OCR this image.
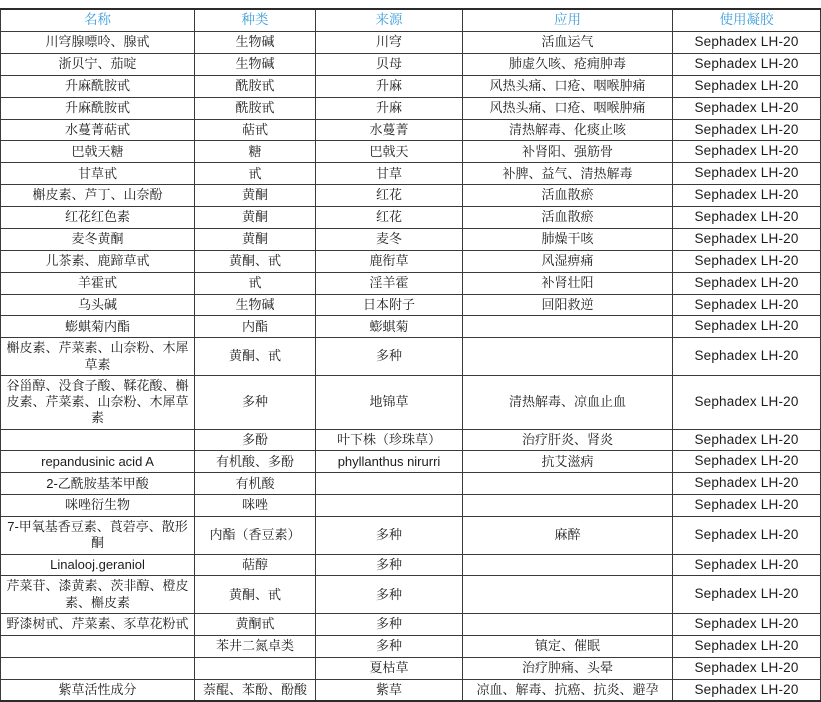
名称	种类	来源	应用	使用凝胶
川穹腺嘌呤、腺甙	生物碱	川穹	活血运气	Sephadex LH-20
浙贝宁、茄啶	生物碱	贝母	肺虚久咳、疮痈肿毒	Sephadex LH-20
升麻酰胺甙	酰胺甙	升麻	风热头痛、口疮、咽喉肿痛	Sephadex LH-20
升麻酰胺甙	酰胺甙	升麻	风热头痛、口疮、咽喉肿痛	Sephadex LH-20
水蔓菁萜甙	萜甙	水蔓菁	清热解毒、化痰止咳	Sephadex LH-20
巴戟天糖	糖	巴戟天	补肾阳、强筋骨	Sephadex LH-20
甘草甙	甙	甘草	补脾、益气、清热解毒	Sephadex LH-20
槲皮素、芦丁、山奈酚	黄酮	红花	活血散瘀	Sephadex LH-20
红花红色素	黄酮	红花	活血散瘀	Sephadex LH-20
麦冬黄酮	黄酮	麦冬	肺燥干咳	Sephadex LH-20
儿茶素、鹿蹄草甙	黄酮、甙	鹿衔草	风湿痹痛	Sephadex LH-20
羊霍甙	甙	淫羊霍	补肾壮阳	Sephadex LH-20
乌头碱	生物碱	日本附子	回阳救逆	Sephadex LH-20
蟛蜞菊内酯	内酯	蟛蜞菊		Sephadex LH-20
槲皮素、芹菜素、山奈粉、木犀草素	黄酮、甙	多种		Sephadex LH-20
谷甾醇、没食子酸、鞣花酸、槲皮素、芹菜素、山奈粉、木犀草素	多种	地锦草	清热解毒、凉血止血	Sephadex LH-20
	多酚	叶下株（珍珠草）	治疗肝炎、肾炎	Sephadex LH-20
repandusinic acid A	有机酸、多酚	phyllanthus nirurri	抗艾滋病	Sephadex LH-20
2-乙酰胺基苯甲酸	有机酸			Sephadex LH-20
咪唑衍生物	咪唑			Sephadex LH-20
7-甲氧基香豆素、莨菪亭、散形酮	内酯（香豆素）	多种	麻醉	Sephadex LH-20
Linalooj.geraniol	萜醇	多种		Sephadex LH-20
芹菜苷、漆黄素、茨非醇、橙皮素、槲皮素	黄酮、甙	多种		Sephadex LH-20
野漆树甙、芹菜素、豕草花粉甙	黄酮甙	多种		Sephadex LH-20
	苯井二氮卓类	多种	镇定、催眠	Sephadex LH-20
		夏枯草	治疗肿痛、头晕	Sephadex LH-20
紫草活性成分	萘醌、苯酚、酚酸	紫草	凉血、解毒、抗癌、抗炎、避孕	Sephadex LH-20
